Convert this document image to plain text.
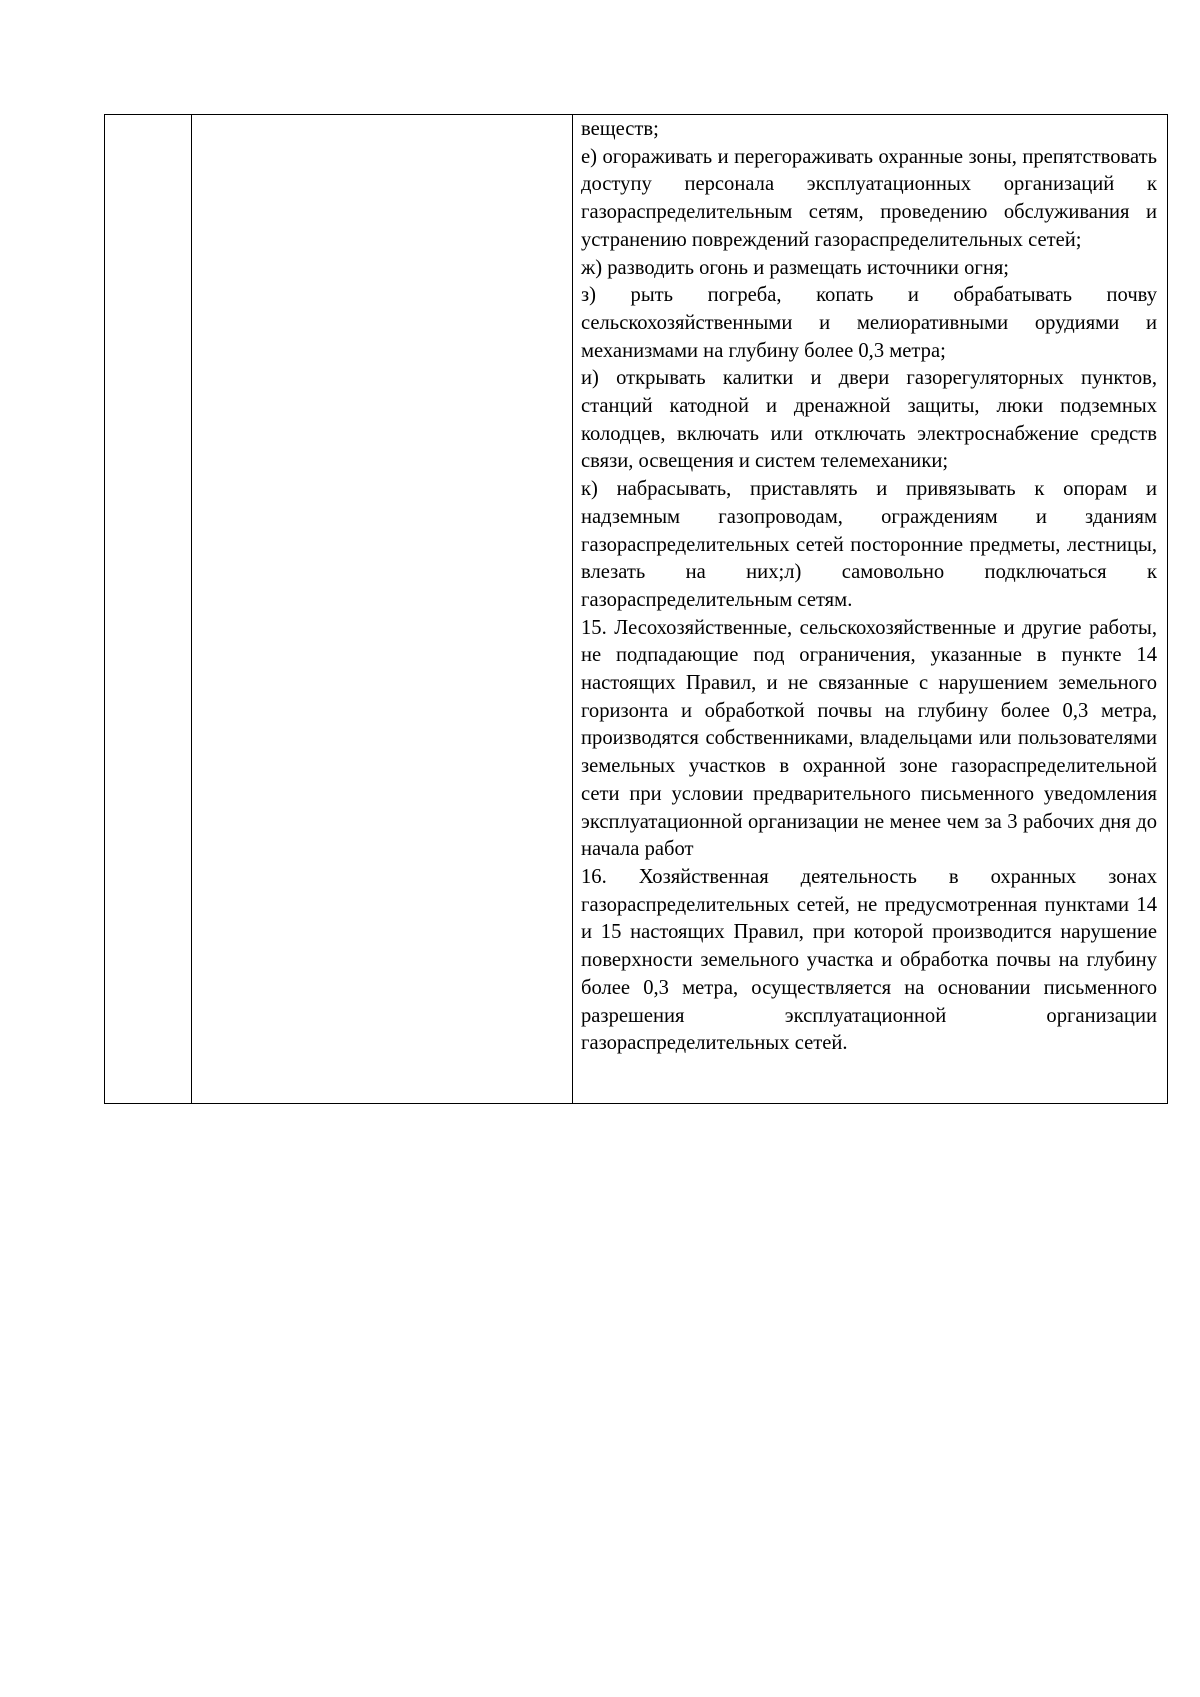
веществ;

е) огораживать и перегораживать охранные зоны, препятствовать доступу персонала эксплуатационных организаций к газораспределительным сетям, проведению обслуживания и устранению повреждений газораспределительных сетей;

ж) разводить огонь и размещать источники огня;

з) рыть погреба, копать и обрабатывать почву сельскохозяйственными и мелиоративными орудиями и механизмами на глубину более 0,3 метра;

и) открывать калитки и двери газорегуляторных пунктов, станций катодной и дренажной защиты, люки подземных колодцев, включать или отключать электроснабжение средств связи, освещения и систем телемеханики;

к) набрасывать, приставлять и привязывать к опорам и надземным газопроводам, ограждениям и зданиям газораспределительных сетей посторонние предметы, лестницы, влезать на них;л) самовольно подключаться к газораспределительным сетям.

15. Лесохозяйственные, сельскохозяйственные и другие работы, не подпадающие под ограничения, указанные в пункте 14 настоящих Правил, и не связанные с нарушением земельного горизонта и обработкой почвы на глубину более 0,3 метра, производятся собственниками, владельцами или пользователями земельных участков в охранной зоне газораспределительной сети при условии предварительного письменного уведомления эксплуатационной организации не менее чем за 3 рабочих дня до начала работ

16. Хозяйственная деятельность в охранных зонах газораспределительных сетей, не предусмотренная пунктами 14 и 15 настоящих Правил, при которой производится нарушение поверхности земельного участка и обработка почвы на глубину более 0,3 метра, осуществляется на основании письменного разрешения эксплуатационной организации

газораспределительных сетей.
